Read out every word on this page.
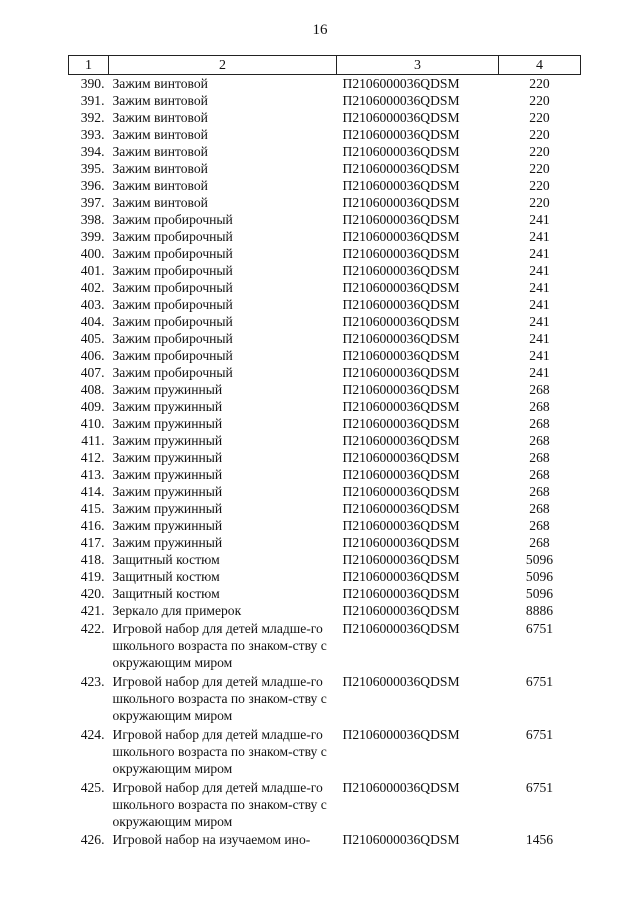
16
1	2	3	4
390.	Зажим винтовой	П2106000036QDSM	220
391.	Зажим винтовой	П2106000036QDSM	220
392.	Зажим винтовой	П2106000036QDSM	220
393.	Зажим винтовой	П2106000036QDSM	220
394.	Зажим винтовой	П2106000036QDSM	220
395.	Зажим винтовой	П2106000036QDSM	220
396.	Зажим винтовой	П2106000036QDSM	220
397.	Зажим винтовой	П2106000036QDSM	220
398.	Зажим пробирочный	П2106000036QDSM	241
399.	Зажим пробирочный	П2106000036QDSM	241
400.	Зажим пробирочный	П2106000036QDSM	241
401.	Зажим пробирочный	П2106000036QDSM	241
402.	Зажим пробирочный	П2106000036QDSM	241
403.	Зажим пробирочный	П2106000036QDSM	241
404.	Зажим пробирочный	П2106000036QDSM	241
405.	Зажим пробирочный	П2106000036QDSM	241
406.	Зажим пробирочный	П2106000036QDSM	241
407.	Зажим пробирочный	П2106000036QDSM	241
408.	Зажим пружинный	П2106000036QDSM	268
409.	Зажим пружинный	П2106000036QDSM	268
410.	Зажим пружинный	П2106000036QDSM	268
411.	Зажим пружинный	П2106000036QDSM	268
412.	Зажим пружинный	П2106000036QDSM	268
413.	Зажим пружинный	П2106000036QDSM	268
414.	Зажим пружинный	П2106000036QDSM	268
415.	Зажим пружинный	П2106000036QDSM	268
416.	Зажим пружинный	П2106000036QDSM	268
417.	Зажим пружинный	П2106000036QDSM	268
418.	Защитный костюм	П2106000036QDSM	5096
419.	Защитный костюм	П2106000036QDSM	5096
420.	Защитный костюм	П2106000036QDSM	5096
421.	Зеркало для примерок	П2106000036QDSM	8886
422.	Игровой набор для детей младше-го школьного возраста по знаком-ству с окружающим миром	П2106000036QDSM	6751
423.	Игровой набор для детей младше-го школьного возраста по знаком-ству с окружающим миром	П2106000036QDSM	6751
424.	Игровой набор для детей младше-го школьного возраста по знаком-ству с окружающим миром	П2106000036QDSM	6751
425.	Игровой набор для детей младше-го школьного возраста по знаком-ству с окружающим миром	П2106000036QDSM	6751
426.	Игровой набор на изучаемом ино-	П2106000036QDSM	1456
